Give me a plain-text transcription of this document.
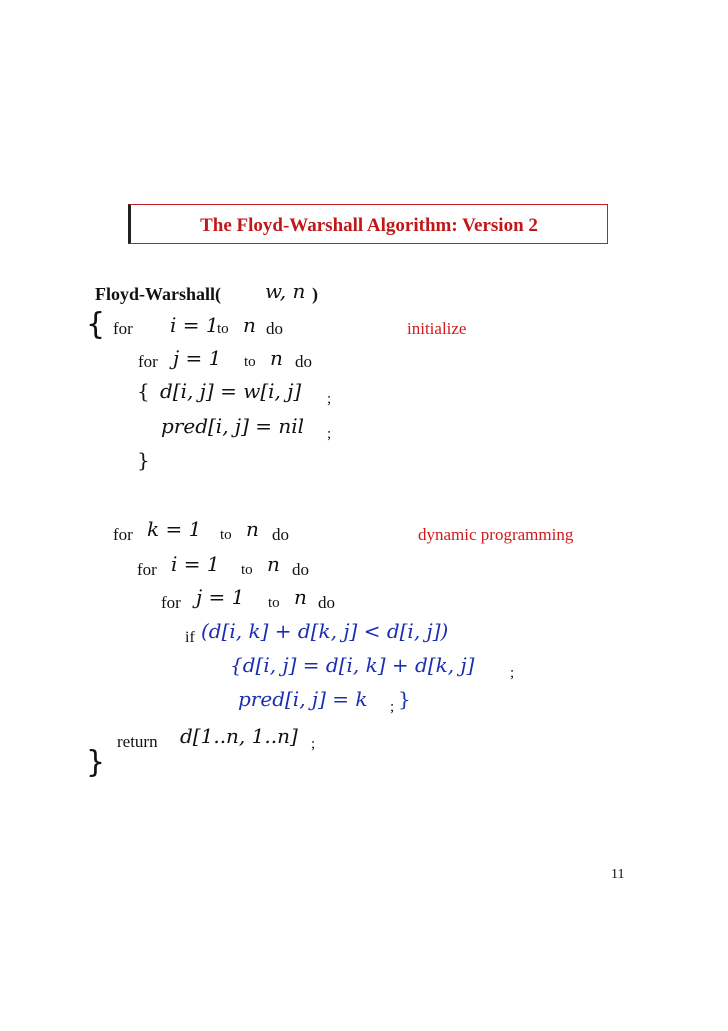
The Floyd-Warshall Algorithm: Version 2
Floyd-Warshall( w, n )
{ for i = 1
to n do	initialize
for j = 1 to n do
{ d[i, j] = w[i, j] ;
pred[i, j] = nil ;
}
for k = 1 to n do	dynamic programming
for i = 1 to n do
for j = 1 to n do
if (d[i, k] + d[k, j] < d[i, j])
{d[i, j] = d[i, k] + d[k, j] ;
pred[i, j] = k ; }
return d[1..n, 1..n] ;
}
11
